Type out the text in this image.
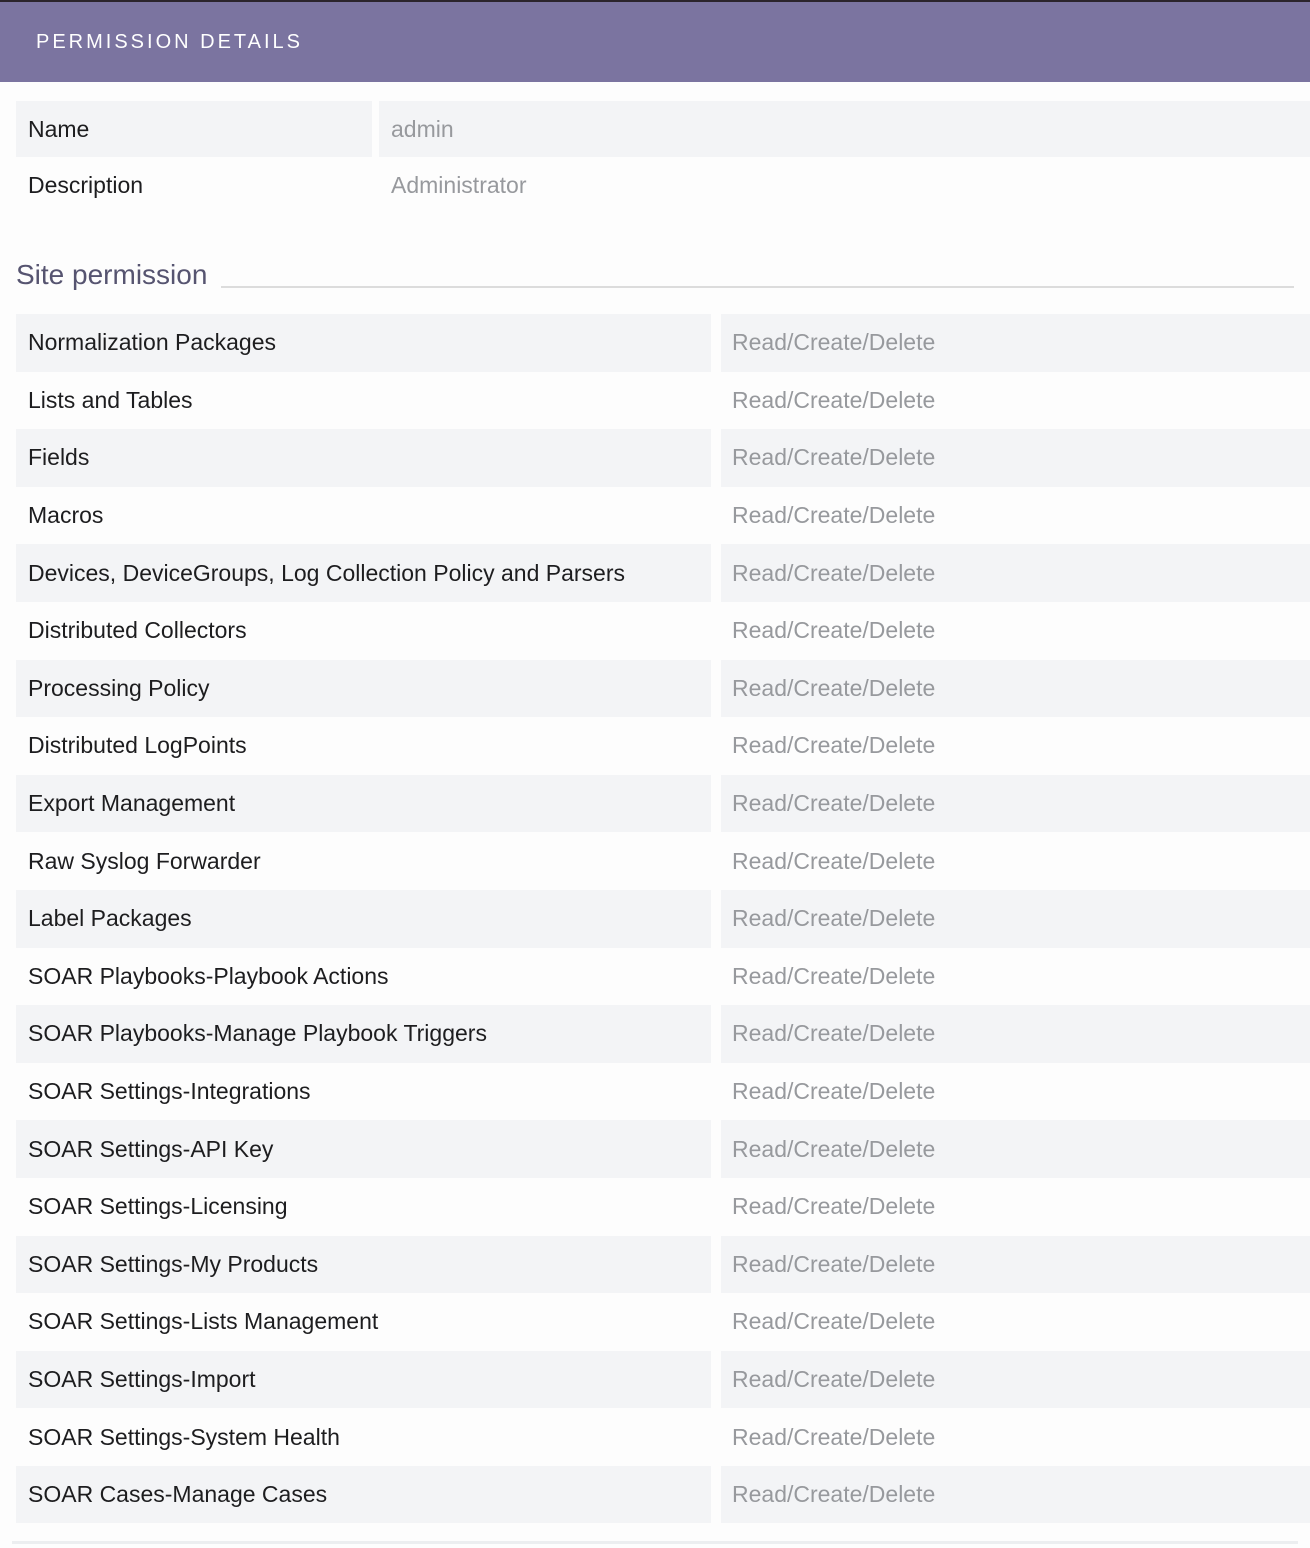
PERMISSION DETAILS
Name	admin
Description	Administrator
Site permission
Normalization Packages	Read/Create/Delete
Lists and Tables	Read/Create/Delete
Fields	Read/Create/Delete
Macros	Read/Create/Delete
Devices, DeviceGroups, Log Collection Policy and Parsers	Read/Create/Delete
Distributed Collectors	Read/Create/Delete
Processing Policy	Read/Create/Delete
Distributed LogPoints	Read/Create/Delete
Export Management	Read/Create/Delete
Raw Syslog Forwarder	Read/Create/Delete
Label Packages	Read/Create/Delete
SOAR Playbooks-Playbook Actions	Read/Create/Delete
SOAR Playbooks-Manage Playbook Triggers	Read/Create/Delete
SOAR Settings-Integrations	Read/Create/Delete
SOAR Settings-API Key	Read/Create/Delete
SOAR Settings-Licensing	Read/Create/Delete
SOAR Settings-My Products	Read/Create/Delete
SOAR Settings-Lists Management	Read/Create/Delete
SOAR Settings-Import	Read/Create/Delete
SOAR Settings-System Health	Read/Create/Delete
SOAR Cases-Manage Cases	Read/Create/Delete
